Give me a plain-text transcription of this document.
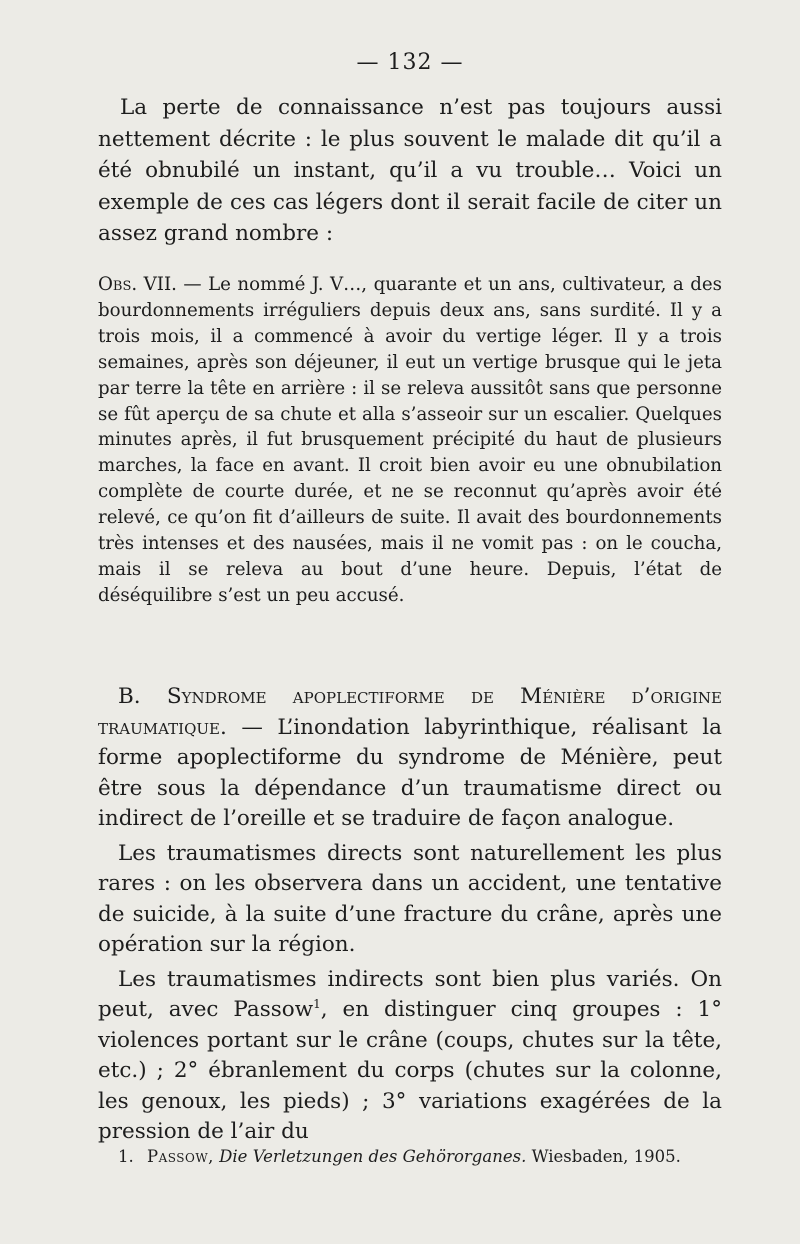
— 132 —

La perte de connaissance n’est pas toujours aussi nettement décrite : le plus souvent le malade dit qu’il a été obnubilé un instant, qu’il a vu trouble… Voici un exemple de ces cas légers dont il serait facile de citer un assez grand nombre :

Obs. VII. — Le nommé J. V…, quarante et un ans, cultivateur, a des bourdonnements irréguliers depuis deux ans, sans surdité. Il y a trois mois, il a commencé à avoir du vertige léger. Il y a trois semaines, après son déjeuner, il eut un vertige brusque qui le jeta par terre la tête en arrière : il se releva aussitôt sans que personne se fût aperçu de sa chute et alla s’asseoir sur un escalier. Quelques minutes après, il fut brusquement précipité du haut de plusieurs marches, la face en avant. Il croit bien avoir eu une obnubilation complète de courte durée, et ne se reconnut qu’après avoir été relevé, ce qu’on fit d’ailleurs de suite. Il avait des bourdonnements très intenses et des nausées, mais il ne vomit pas : on le coucha, mais il se releva au bout d’une heure. Depuis, l’état de déséquilibre s’est un peu accusé.

B. Syndrome apoplectiforme de Ménière d’origine traumatique. — L’inondation labyrinthique, réalisant la forme apoplectiforme du syndrome de Ménière, peut être sous la dépendance d’un traumatisme direct ou indirect de l’oreille et se traduire de façon analogue.

Les traumatismes directs sont naturellement les plus rares : on les observera dans un accident, une tentative de suicide, à la suite d’une fracture du crâne, après une opération sur la région.

Les traumatismes indirects sont bien plus variés. On peut, avec Passow$^1$, en distinguer cinq groupes : 1° violences portant sur le crâne (coups, chutes sur la tête, etc.) ; 2° ébranlement du corps (chutes sur la colonne, les genoux, les pieds) ; 3° variations exagérées de la pression de l’air du

1. Passow, Die Verletzungen des Gehörorganes. Wiesbaden, 1905.
